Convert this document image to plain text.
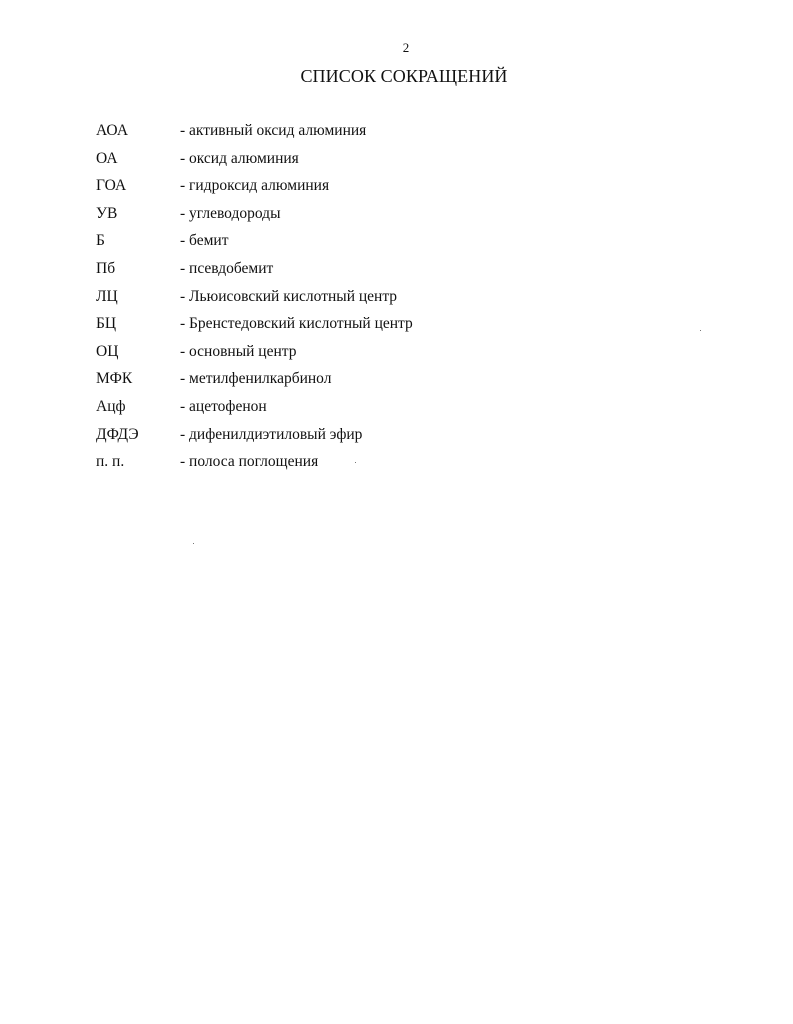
2
СПИСОК СОКРАЩЕНИЙ
АОА	- активный оксид алюминия
ОА	- оксид алюминия
ГОА	- гидроксид алюминия
УВ	- углеводороды
Б	- бемит
Пб	- псевдобемит
ЛЦ	- Льюисовский кислотный центр
БЦ	- Бренстедовский кислотный центр
ОЦ	- основный центр
МФК	- метилфенилкарбинол
Ацф	- ацетофенон
ДФДЭ	- дифенилдиэтиловый эфир
п. п.	- полоса поглощения
